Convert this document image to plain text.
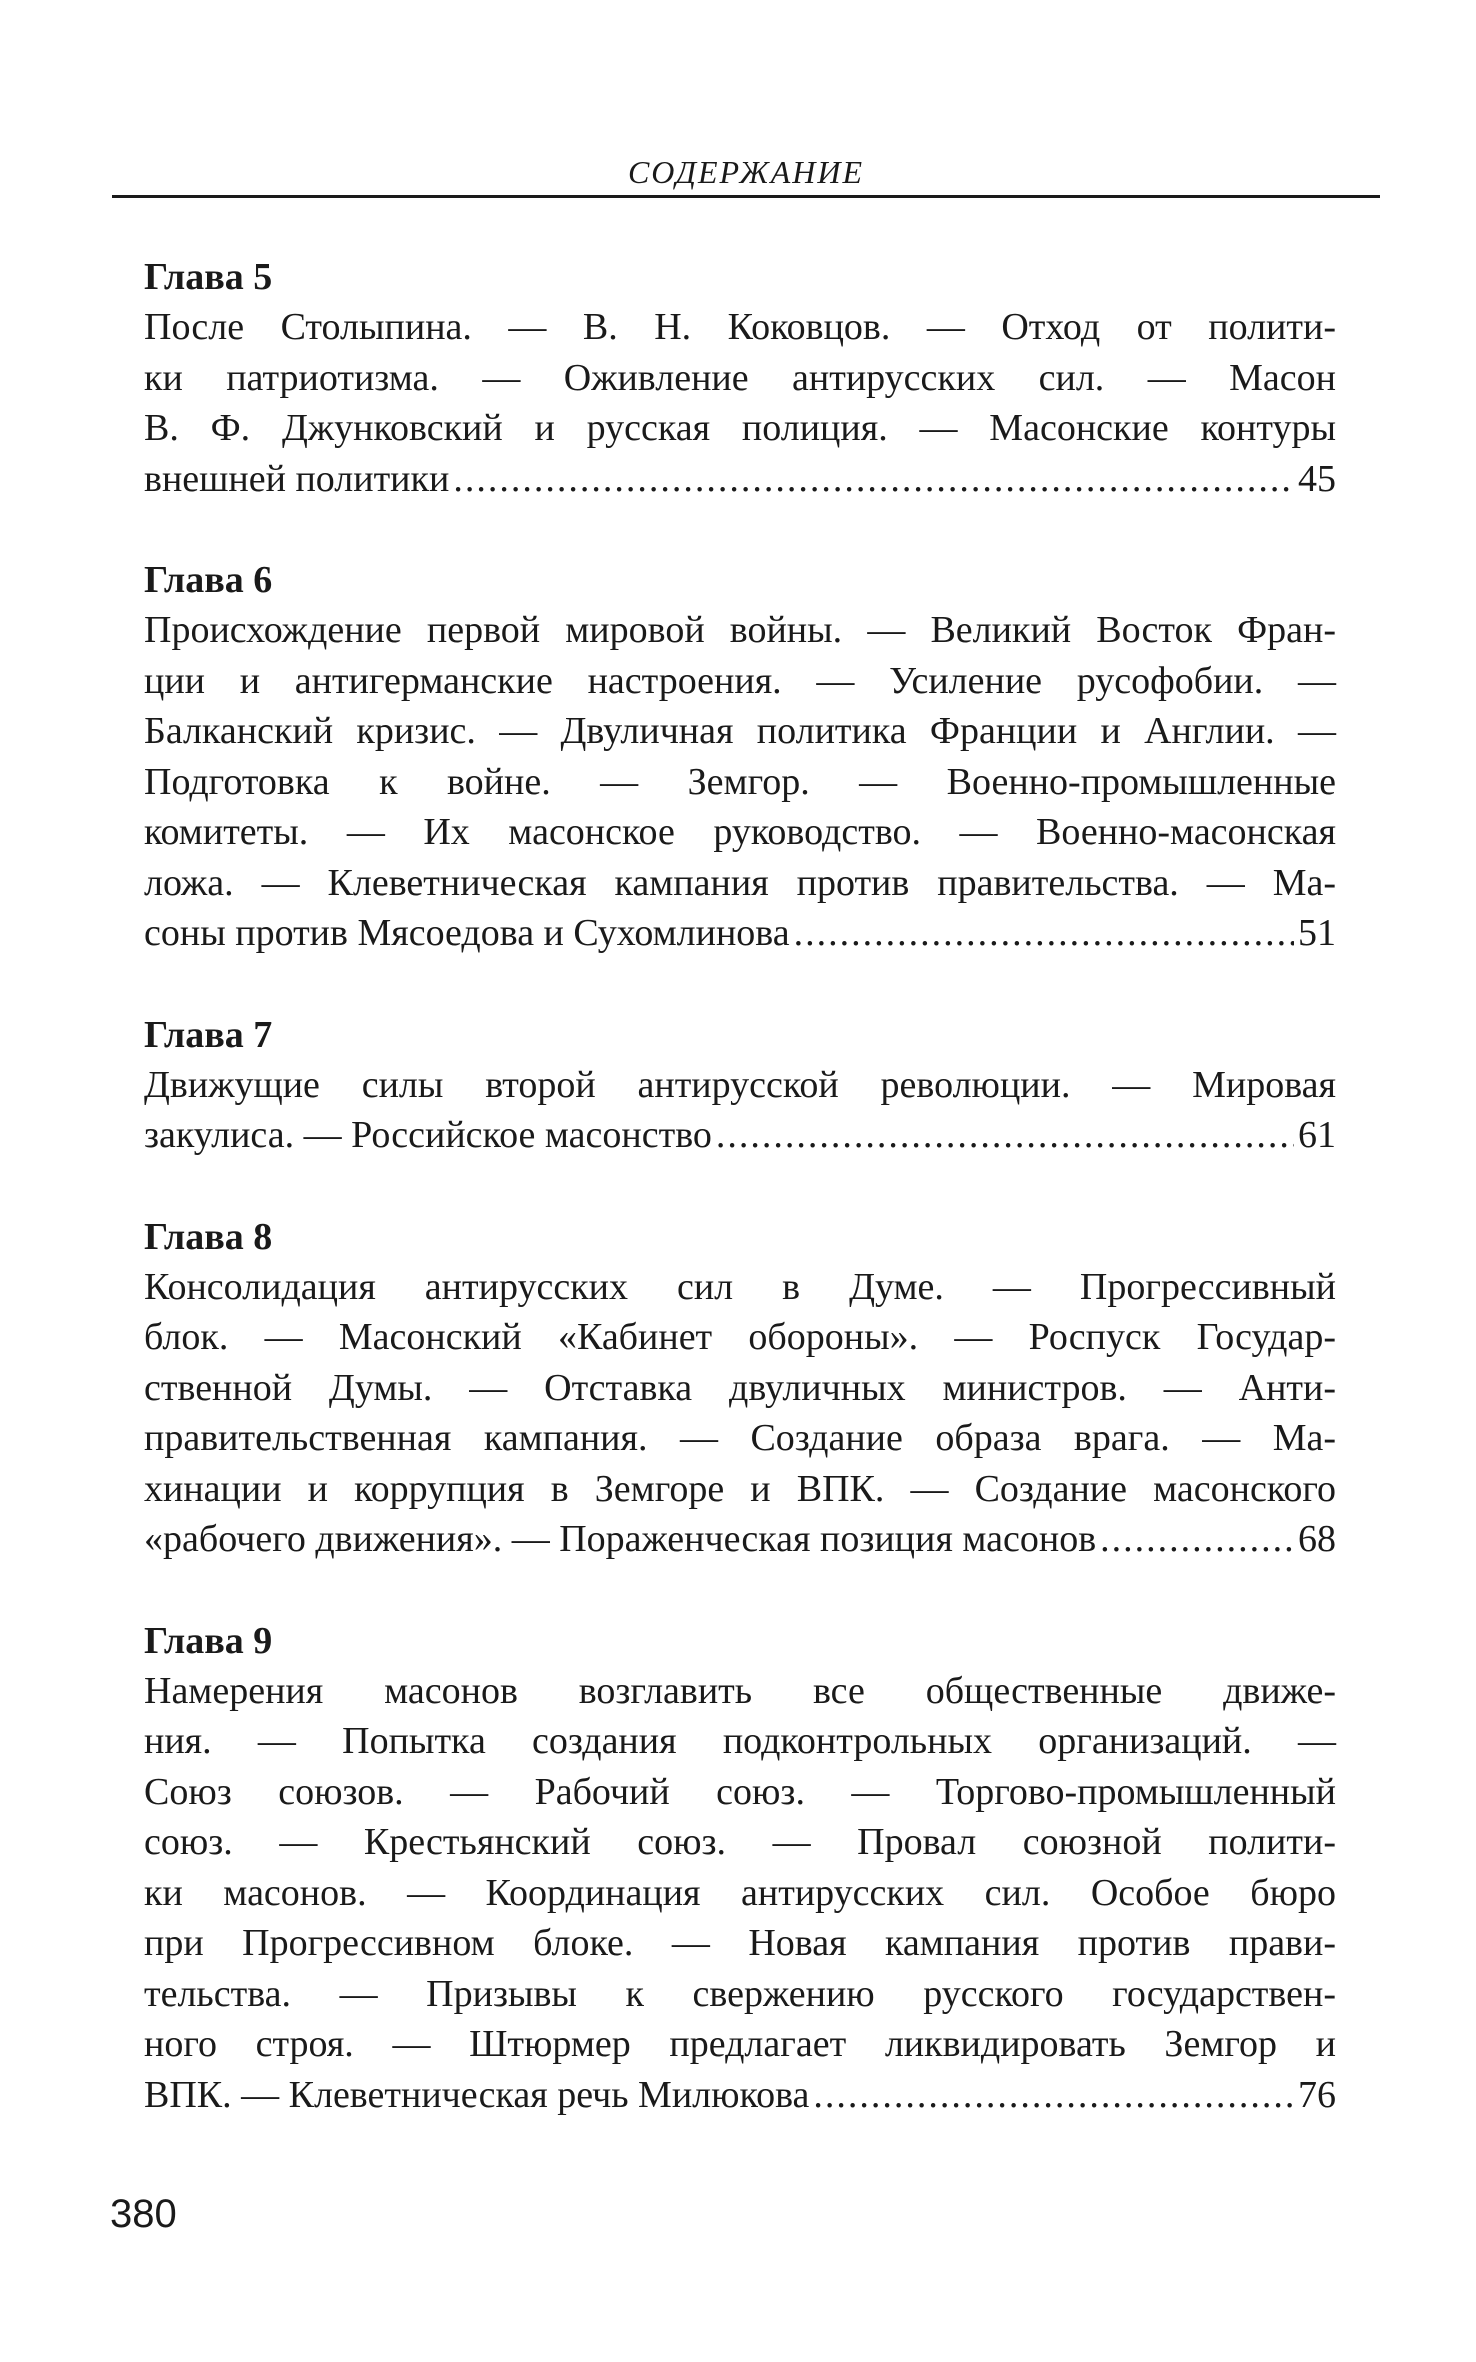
СОДЕРЖАНИЕ
Глава 5
После Столыпина. — В. Н. Коковцов. — Отход от полити-
ки патриотизма. — Оживление антирусских сил. — Масон
В. Ф. Джунковский и русская полиция. — Масонские контуры
внешней политики .....	45
Глава 6
Происхождение первой мировой войны. — Великий Восток Фран-
ции и антигерманские настроения. — Усиление русофобии. —
Балканский кризис. — Двуличная политика Франции и Англии. —
Подготовка к войне. — Земгор. — Военно-промышленные
комитеты. — Их масонское руководство. — Военно-масонская
ложа. — Клеветническая кампания против правительства. — Ма-
соны против Мясоедова и Сухомлинова .....	51
Глава 7
Движущие силы второй антирусской революции. — Мировая
закулиса. — Российское масонство .....	61
Глава 8
Консолидация антирусских сил в Думе. — Прогрессивный
блок. — Масонский «Кабинет обороны». — Роспуск Государ-
ственной Думы. — Отставка двуличных министров. — Анти-
правительственная кампания. — Создание образа врага. — Ма-
хинации и коррупция в Земгоре и ВПК. — Создание масонского
«рабочего движения». — Пораженческая позиция масонов .....	68
Глава 9
Намерения масонов возглавить все общественные движе-
ния. — Попытка создания подконтрольных организаций. —
Союз союзов. — Рабочий союз. — Торгово-промышленный
союз. — Крестьянский союз. — Провал союзной полити-
ки масонов. — Координация антирусских сил. Особое бюро
при Прогрессивном блоке. — Новая кампания против прави-
тельства. — Призывы к свержению русского государствен-
ного строя. — Штюрмер предлагает ликвидировать Земгор и
ВПК. — Клеветническая речь Милюкова .....	76
380
